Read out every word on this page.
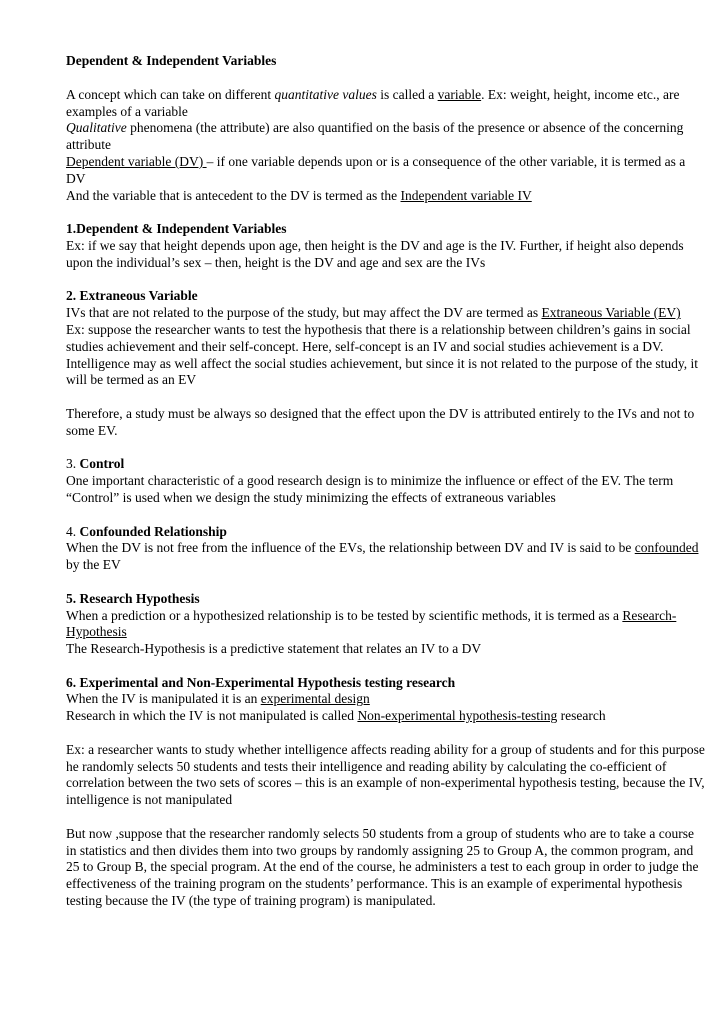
Dependent & Independent Variables

A concept which can take on different quantitative values is called a variable. Ex: weight, height, income etc., are examples of a variable

Qualitative phenomena (the attribute) are also quantified on the basis of the presence or absence of the concerning attribute

Dependent variable (DV) – if one variable depends upon or is a consequence of the other variable, it is termed as a DV

And the variable that is antecedent to the DV is termed as the Independent variable IV

1.Dependent & Independent Variables

Ex: if we say that height depends upon age, then height is the DV and age is the IV. Further, if height also depends upon the individual’s sex – then, height is the DV and age and sex are the IVs

2. Extraneous Variable

IVs that are not related to the purpose of the study, but may affect the DV are termed as Extraneous Variable (EV)

Ex: suppose the researcher wants to test the hypothesis that there is a relationship between children’s gains in social studies achievement and their self-concept. Here, self-concept is an IV and social studies achievement is a DV. Intelligence may as well affect the social studies achievement, but since it is not related to the purpose of the study, it will be termed as an EV

Therefore, a study must be always so designed that the effect upon the DV is attributed entirely to the IVs and not to some EV.

3. Control

One important characteristic of a good research design is to minimize the influence or effect of the EV. The term “Control” is used when we design the study minimizing the effects of extraneous variables

4. Confounded Relationship

When the DV is not free from the influence of the EVs, the relationship between DV and IV is said to be confounded by the EV

5. Research Hypothesis

When a prediction or a hypothesized relationship is to be tested by scientific methods, it is termed as a Research-Hypothesis

The Research-Hypothesis is a predictive statement that relates an IV to a DV

6. Experimental and Non-Experimental Hypothesis testing research

When the IV is manipulated it is an experimental design

Research in which the IV is not manipulated is called Non-experimental hypothesis-testing research

Ex: a researcher wants to study whether intelligence affects reading ability for a group of students and for this purpose he randomly selects 50 students and tests their intelligence and reading ability by calculating the co-efficient of correlation between the two sets of scores – this is an example of non-experimental hypothesis testing, because the IV, intelligence is not manipulated

But now ,suppose that the researcher randomly selects 50 students from a group of students who are to take a course in statistics and then divides them into two groups by randomly assigning 25 to Group A, the common program, and 25 to Group B, the special program. At the end of the course, he administers a test to each group in order to judge the effectiveness of the training program on the students’ performance. This is an example of experimental hypothesis testing because the IV (the type of training program) is manipulated.
